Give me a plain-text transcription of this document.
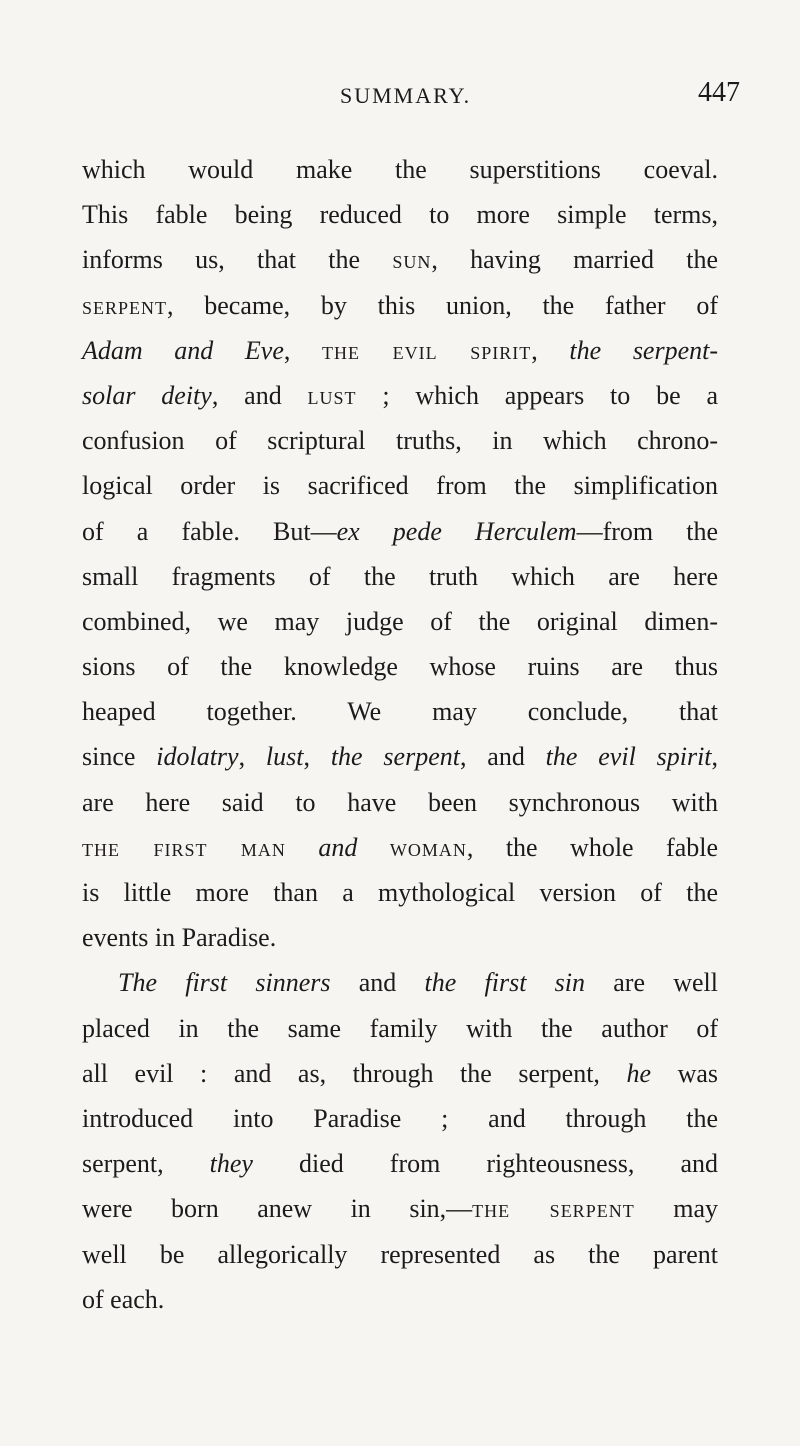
SUMMARY.	447
which would make the superstitions coeval.
This fable being reduced to more simple terms,
informs us, that the sun, having married the
serpent, became, by this union, the father of
Adam and Eve, the evil spirit, the serpent-
solar deity, and lust ; which appears to be a
confusion of scriptural truths, in which chrono-
logical order is sacrificed from the simplification
of a fable. But—ex pede Herculem—from the
small fragments of the truth which are here
combined, we may judge of the original dimen-
sions of the knowledge whose ruins are thus
heaped together. We may conclude, that
since idolatry, lust, the serpent, and the evil spirit,
are here said to have been synchronous with
the first man and woman, the whole fable
is little more than a mythological version of the
events in Paradise.
The first sinners and the first sin are well
placed in the same family with the author of
all evil : and as, through the serpent, he was
introduced into Paradise ; and through the
serpent, they died from righteousness, and
were born anew in sin,—the serpent may
well be allegorically represented as the parent
of each.
